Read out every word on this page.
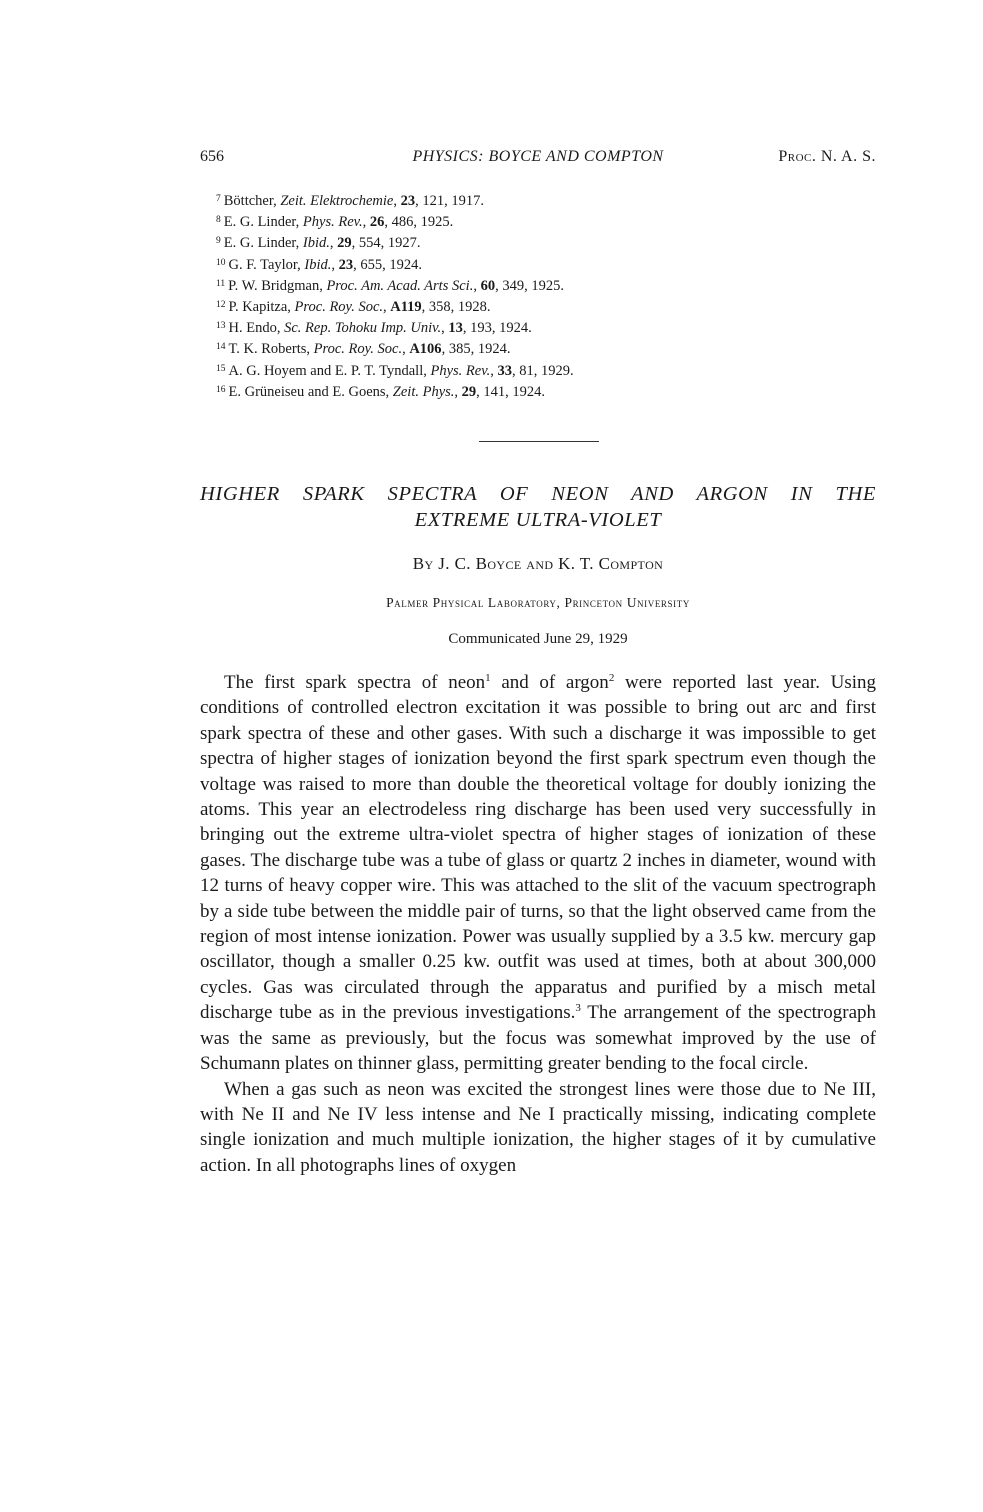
656	PHYSICS: BOYCE AND COMPTON	Proc. N. A. S.
$^7$ Böttcher, Zeit. Elektrochemie, 23, 121, 1917.
$^8$ E. G. Linder, Phys. Rev., 26, 486, 1925.
$^9$ E. G. Linder, Ibid., 29, 554, 1927.
$^{10}$ G. F. Taylor, Ibid., 23, 655, 1924.
$^{11}$ P. W. Bridgman, Proc. Am. Acad. Arts Sci., 60, 349, 1925.
$^{12}$ P. Kapitza, Proc. Roy. Soc., A119, 358, 1928.
$^{13}$ H. Endo, Sc. Rep. Tohoku Imp. Univ., 13, 193, 1924.
$^{14}$ T. K. Roberts, Proc. Roy. Soc., A106, 385, 1924.
$^{15}$ A. G. Hoyem and E. P. T. Tyndall, Phys. Rev., 33, 81, 1929.
$^{16}$ E. Grüneiseu and E. Goens, Zeit. Phys., 29, 141, 1924.
HIGHER SPARK SPECTRA OF NEON AND ARGON IN THE
EXTREME ULTRA-VIOLET
By J. C. Boyce and K. T. Compton
Palmer Physical Laboratory, Princeton University
Communicated June 29, 1929

The first spark spectra of neon$^1$ and of argon$^2$ were reported last year. Using conditions of controlled electron excitation it was possible to bring out arc and first spark spectra of these and other gases. With such a discharge it was impossible to get spectra of higher stages of ionization beyond the first spark spectrum even though the voltage was raised to more than double the theoretical voltage for doubly ionizing the atoms. This year an electrodeless ring discharge has been used very successfully in bringing out the extreme ultra-violet spectra of higher stages of ionization of these gases. The discharge tube was a tube of glass or quartz 2 inches in diameter, wound with 12 turns of heavy copper wire. This was attached to the slit of the vacuum spectrograph by a side tube between the middle pair of turns, so that the light observed came from the region of most intense ionization. Power was usually supplied by a 3.5 kw. mercury gap oscillator, though a smaller 0.25 kw. outfit was used at times, both at about 300,000 cycles. Gas was circulated through the apparatus and purified by a misch metal discharge tube as in the previous investigations.$^3$ The arrangement of the spectrograph was the same as previously, but the focus was somewhat improved by the use of Schumann plates on thinner glass, permitting greater bending to the focal circle.

When a gas such as neon was excited the strongest lines were those due to Ne III, with Ne II and Ne IV less intense and Ne I practically missing, indicating complete single ionization and much multiple ionization, the higher stages of it by cumulative action. In all photographs lines of oxygen
